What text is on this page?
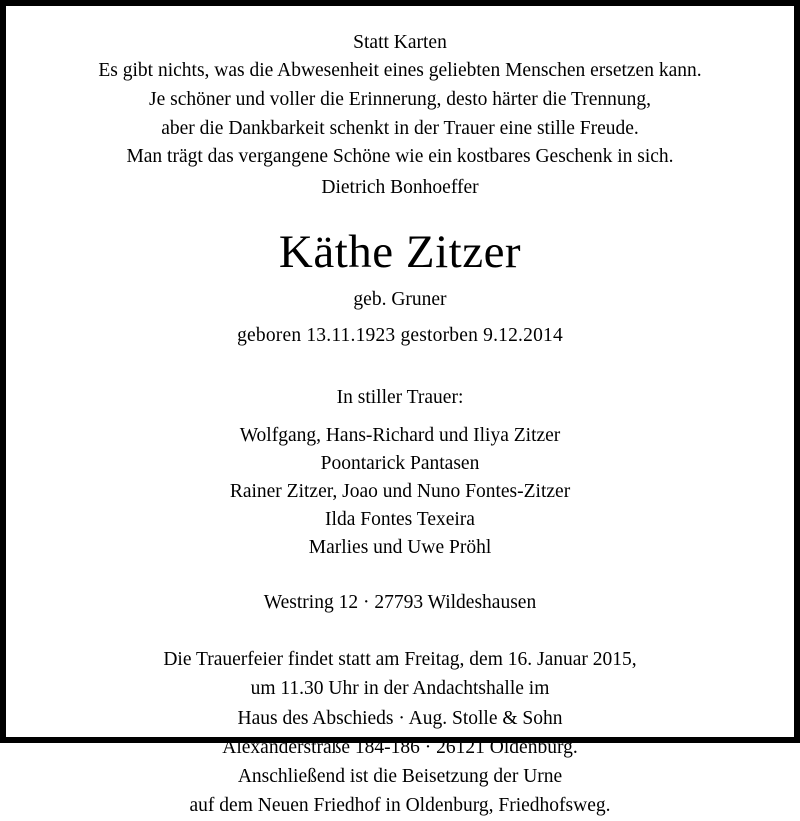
Statt Karten
Es gibt nichts, was die Abwesenheit eines geliebten Menschen ersetzen kann.
Je schöner und voller die Erinnerung, desto härter die Trennung,
aber die Dankbarkeit schenkt in der Trauer eine stille Freude.
Man trägt das vergangene Schöne wie ein kostbares Geschenk in sich.
Dietrich Bonhoeffer
Käthe Zitzer
geb. Gruner
geboren 13.11.1923 gestorben 9.12.2014
In stiller Trauer:
Wolfgang, Hans-Richard und Iliya Zitzer
Poontarick Pantasen
Rainer Zitzer, Joao und Nuno Fontes-Zitzer
Ilda Fontes Texeira
Marlies und Uwe Pröhl
Westring 12 · 27793 Wildeshausen
Die Trauerfeier findet statt am Freitag, dem 16. Januar 2015,
um 11.30 Uhr in der Andachtshalle im
Haus des Abschieds · Aug. Stolle & Sohn
Alexanderstraße 184-186 · 26121 Oldenburg.
Anschließend ist die Beisetzung der Urne
auf dem Neuen Friedhof in Oldenburg, Friedhofsweg.
